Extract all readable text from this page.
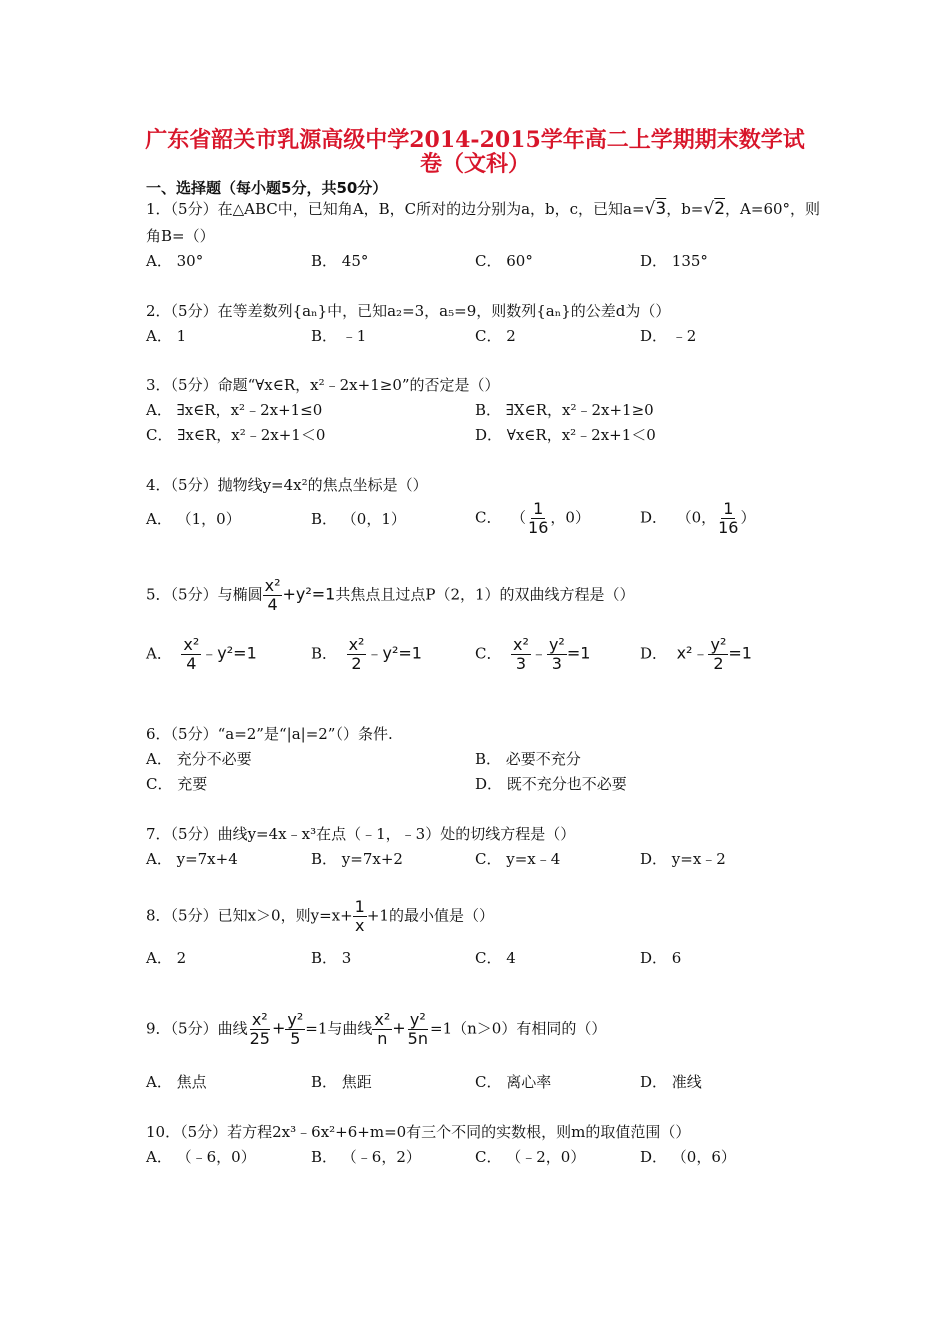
广东省韶关市乳源高级中学2014-2015学年高二上学期期末数学试
卷（文科）
一、选择题（每小题5分，共50分）
1．（5分）在△ABC中，已知角A，B，C所对的边分别为a，b，c，已知a=√3，b=√2，A=60°，则
角B=（）
A． 30°	B． 45°	C． 60°	D． 135°
2．（5分）在等差数列{aₙ}中，已知a₂=3，a₅=9，则数列{aₙ}的公差d为（）
A． 1	B． ﹣1	C． 2	D． ﹣2
3．（5分）命题“∀x∈R，x²﹣2x+1≥0”的否定是（）
A． ∃x∈R，x²﹣2x+1≤0	B． ∃X∈R，x²﹣2x+1≥0
C． ∃x∈R，x²﹣2x+1＜0	D． ∀x∈R，x²﹣2x+1＜0
4．（5分）抛物线y=4x²的焦点坐标是（）
A． （1，0）	B． （0，1）	C． （ $\frac{1}{16}$ ，0）	D． （0， $\frac{1}{16}$ ）
5．（5分）与椭圆 $\frac{\text{x²}}{4} +y^2=1$共焦点且过点P（2，1）的双曲线方程是（）
A． $\frac{\text{x²}}{4}$ ﹣y²=1	B． $\frac{\text{x²}}{2}$ ﹣y²=1	C． $\frac{\text{x²}}{3}$ ﹣ $\frac{\text{y²}}{3} =1$	D． x²﹣ $\frac{\text{y²}}{2} =1$
6．（5分）“a=2”是“|a|=2”（）条件.
A． 充分不必要	B． 必要不充分
C． 充要	D． 既不充分也不必要
7．（5分）曲线y=4x﹣x³在点（﹣1，﹣3）处的切线方程是（）
A． y=7x+4	B． y=7x+2	C． y=x﹣4	D． y=x﹣2
8．（5分）已知x＞0，则$y=x+ \frac{1}{x} +1$的最小值是（）
A． 2	B． 3	C． 4	D． 6
9．（5分）曲线 $\frac{\text{x²}}{25} + \frac{\text{y²}}{5} =1$与曲线 $\frac{\text{x²}}{n} + \frac{\text{y²}}{5n} =1(n>0)$有相同的（）
A． 焦点	B． 焦距	C． 离心率	D． 准线
10．（5分）若方程2x³﹣6x²+6+m=0有三个不同的实数根，则m的取值范围（）
A． （﹣6，0）	B． （﹣6，2）	C． （﹣2，0）	D． （0，6）
